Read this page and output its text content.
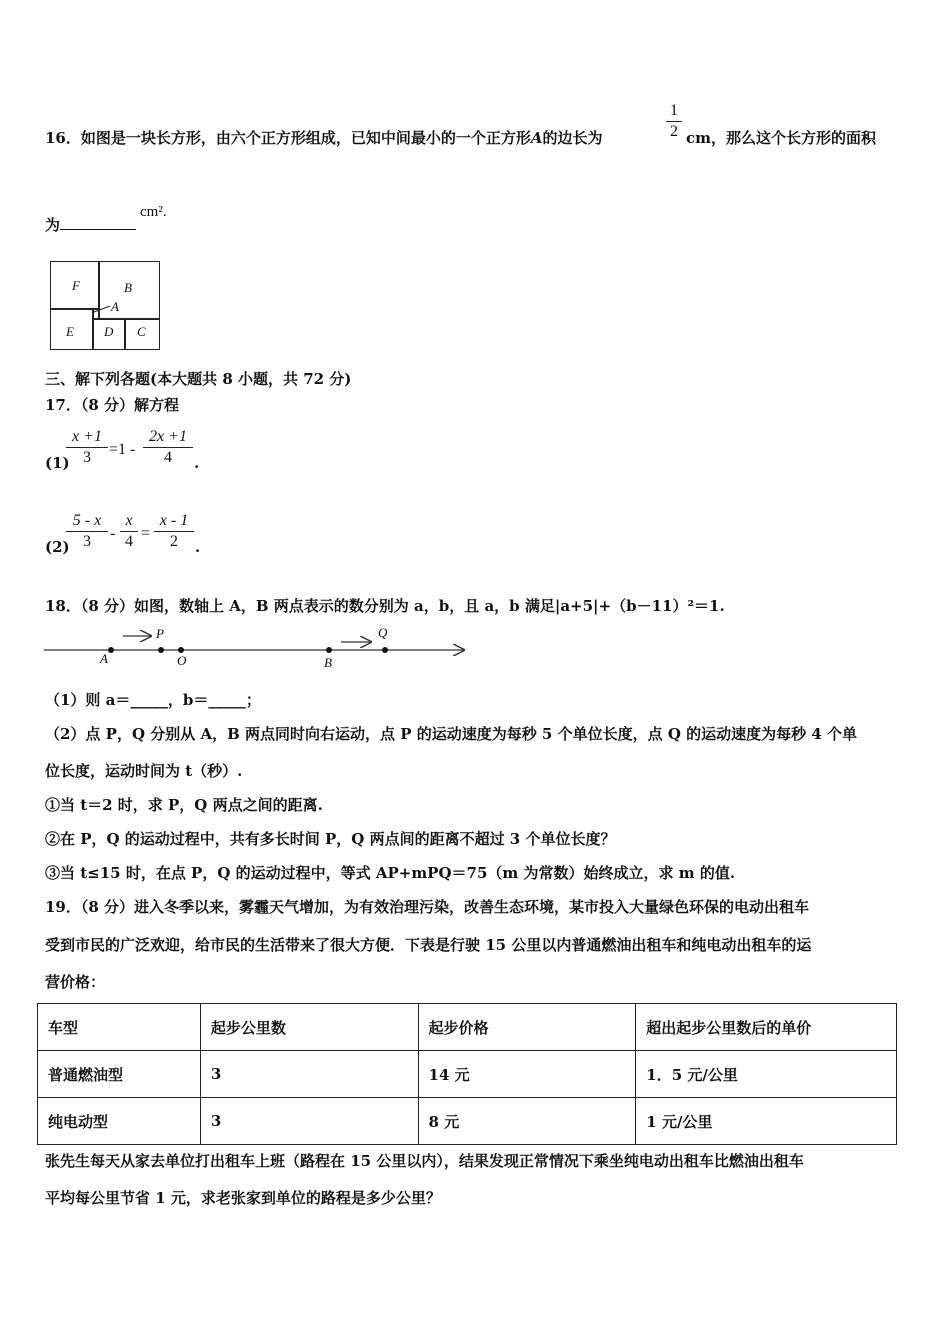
16．如图是一块长方形，由六个正方形组成，已知中间最小的一个正方形A的边长为
1
2 cm，那么这个长方形的面积
为
cm².
F	B
A
E D C
三、解下列各题(本大题共 8 小题，共 72 分)
17．（8 分）解方程
(1)
x +1
3	=1 -
2x +1
4	.
(2)
5 - x
3	-
x
4 =
x - 1
2	.
18．（8 分）如图，数轴上 A，B 两点表示的数分别为 a，b，且 a，b 满足|a+5|+（b－11）²＝1.
A
P
O	B
Q
（1）则 a＝_____，b＝_____；
（2）点 P，Q 分别从 A，B 两点同时向右运动，点 P 的运动速度为每秒 5 个单位长度，点 Q 的运动速度为每秒 4 个单
位长度，运动时间为 t（秒）.
①当 t＝2 时，求 P，Q 两点之间的距离.
②在 P，Q 的运动过程中，共有多长时间 P，Q 两点间的距离不超过 3 个单位长度？
③当 t≤15 时，在点 P，Q 的运动过程中，等式 AP+mPQ＝75（m 为常数）始终成立，求 m 的值.
19．（8 分）进入冬季以来，雾霾天气增加，为有效治理污染，改善生态环境，某市投入大量绿色环保的电动出租车
受到市民的广泛欢迎，给市民的生活带来了很大方便．下表是行驶 15 公里以内普通燃油出租车和纯电动出租车的运
营价格：
车型	起步公里数	起步价格	超出起步公里数后的单价
普通燃油型	3	14 元	1．5 元/公里
纯电动型	3	8 元	1 元/公里
张先生每天从家去单位打出租车上班（路程在 15 公里以内），结果发现正常情况下乘坐纯电动出租车比燃油出租车
平均每公里节省 1 元，求老张家到单位的路程是多少公里？
